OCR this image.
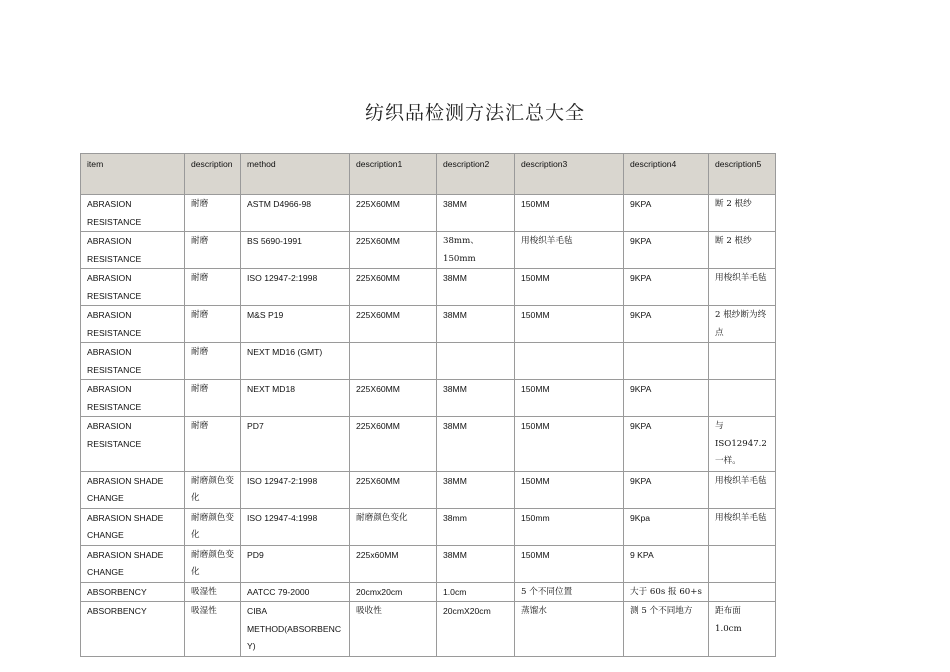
纺织品检测方法汇总大全
item	description	method	description1	description2	description3	description4	description5
ABRASION RESISTANCE	耐磨	ASTM D4966-98	225X60MM	38MM	150MM	9KPA	断 2 根纱
ABRASION RESISTANCE	耐磨	BS 5690-1991	225X60MM	38mm、150mm	用梭织羊毛毡	9KPA	断 2 根纱
ABRASION RESISTANCE	耐磨	ISO 12947-2:1998	225X60MM	38MM	150MM	9KPA	用梭织羊毛毡
ABRASION RESISTANCE	耐磨	M&S P19	225X60MM	38MM	150MM	9KPA	2 根纱断为终点
ABRASION RESISTANCE	耐磨	NEXT MD16 (GMT)					
ABRASION RESISTANCE	耐磨	NEXT MD18	225X60MM	38MM	150MM	9KPA	
ABRASION RESISTANCE	耐磨	PD7	225X60MM	38MM	150MM	9KPA	与 ISO12947.2 一样。
ABRASION SHADE CHANGE	耐磨颜色变化	ISO 12947-2:1998	225X60MM	38MM	150MM	9KPA	用梭织羊毛毡
ABRASION SHADE CHANGE	耐磨颜色变化	ISO 12947-4:1998	耐磨颜色变化	38mm	150mm	9Kpa	用梭织羊毛毡
ABRASION SHADE CHANGE	耐磨颜色变化	PD9	225x60MM	38MM	150MM	9 KPA	
ABSORBENCY	吸湿性	AATCC 79-2000	20cmx20cm	1.0cm	5 个不同位置	大于 60s 报 60+s	
ABSORBENCY	吸湿性	CIBA METHOD(ABSORBENCY)	吸收性	20cmX20cm	蒸馏水	测 5 个不同地方	距布面 1.0cm
